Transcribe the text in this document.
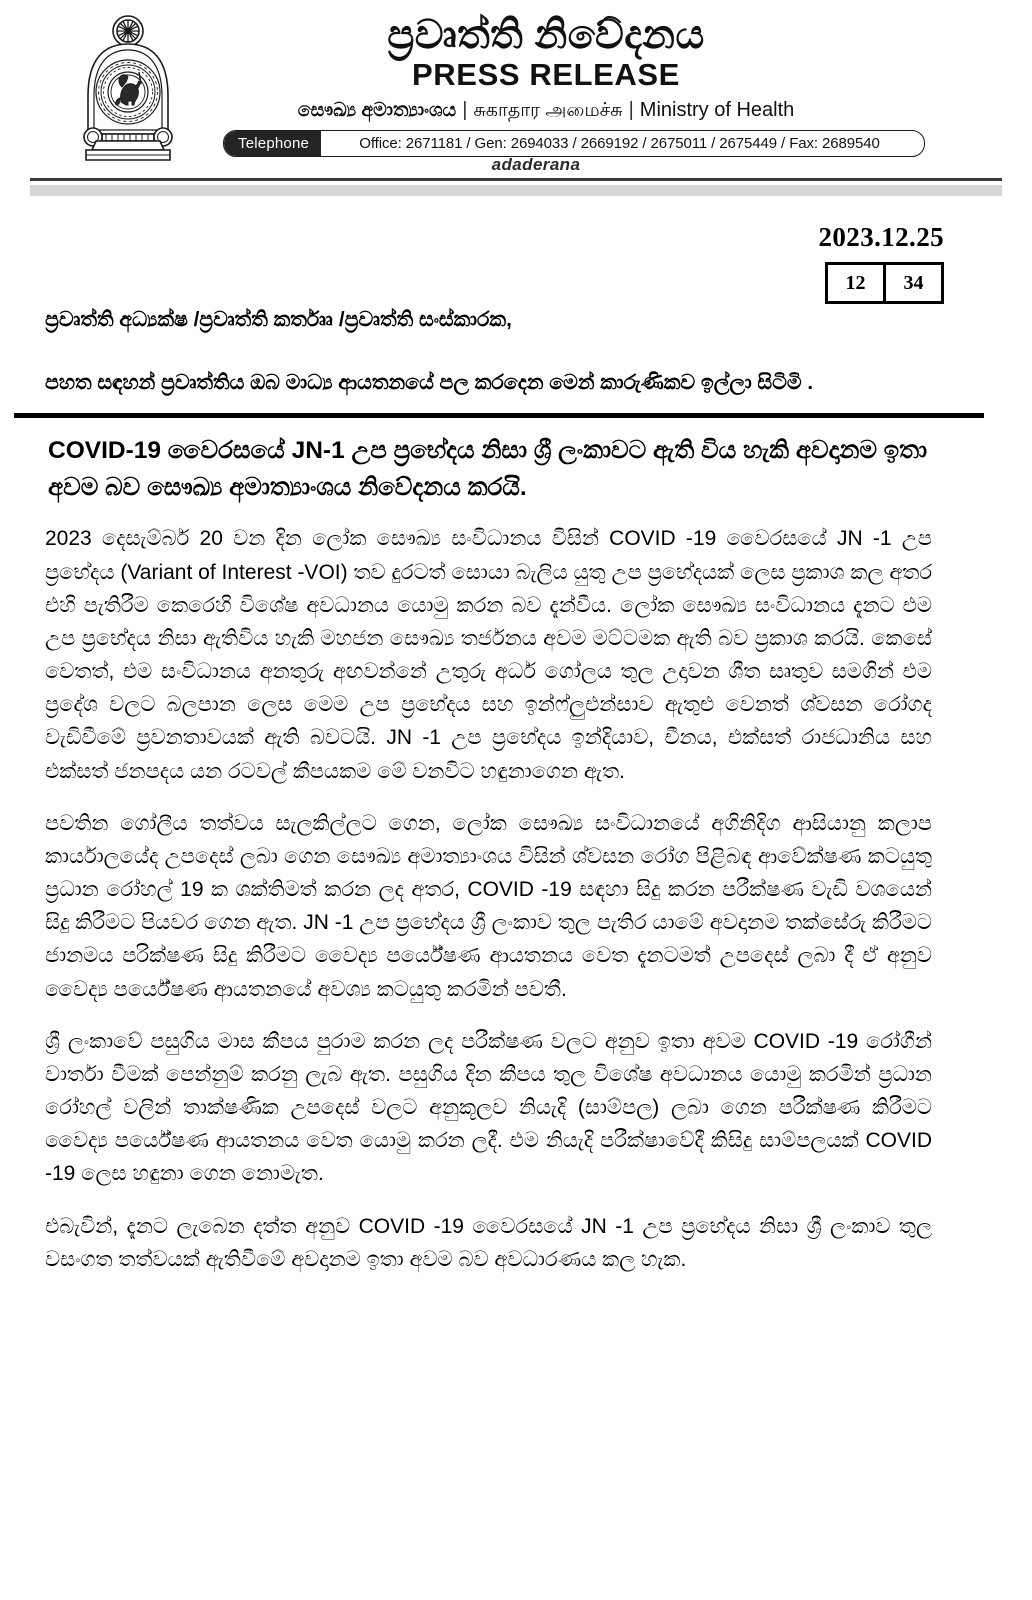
ප්‍රවෘත්ති නිවේදනය
PRESS RELEASE
සෞඛ්‍ය අමාත්‍යාංශය | சுகாதார அமைச்சு | Ministry of Health
Telephone	Office: 2671181 / Gen: 2694033 / 2669192 / 2675011 / 2675449 / Fax: 2689540
adaderana
2023.12.25
12	34
ප්‍රවෘත්ති අධ්‍යක්ෂ /ප්‍රවෘත්ති කර්තෲ /ප්‍රවෘත්ති සංස්කාරක,
පහත සඳහන් ප්‍රවෘත්තිය ඔබ මාධ්‍ය ආයතනයේ පල කරදෙන මෙන් කාරුණිකව ඉල්ලා සිටිමි .
COVID-19 වෛරසයේ JN-1 උප ප්‍රභේදය නිසා ශ්‍රී ලංකාවට ඇති විය හැකි අවදානම ඉතා අවම බව සෞඛ්‍ය අමාත්‍යාංශය නිවේදනය කරයි.

2023 දෙසැම්බර් 20 වන දින ලෝක සෞඛ්‍ය සංවිධානය විසින් COVID -19 වෛරසයේ JN -1 උප ප්‍රභේදය (Variant of Interest -VOI) තව දුරටත් සොයා බැලිය යුතු උප ප්‍රභේදයක් ලෙස ප්‍රකාශ කල අතර එහි පැතිරීම කෙරෙහි විශේෂ අවධානය යොමු කරන බව දැන්වීය. ලෝක සෞඛ්‍ය සංවිධානය දැනට එම උප ප්‍රභේදය නිසා ඇතිවිය හැකි මහජන සෞඛ්‍ය තර්ජනය අවම මට්ටමක ඇති බව ප්‍රකාශ කරයි. කෙසේ වෙතත්, එම සංවිධානය අනතුරු අඟවන්නේ උතුරු අර්ධ ගෝලය තුල උදාවන ශීත සෘතුව සමගින් එම ප්‍රදේශ වලට බලපාන ලෙස මෙම උප ප්‍රභේදය සහ ඉන්ෆ්ලුඑන්සාව ඇතුළු වෙනත් ශ්වසන රෝගද වැඩිවීමේ ප්‍රවනතාවයක් ඇති බවටයි. JN -1 උප ප්‍රභේදය ඉන්දියාව, චීනය, එක්සත් රාජධානිය සහ එක්සත් ජනපදය යන රටවල් කීපයකම මේ වනවිට හඳුනාගෙන ඇත.

පවතින ගෝලීය තත්වය සැලකිල්ලට ගෙන, ලෝක සෞඛ්‍ය සංවිධානයේ අගිනිදිග ආසියානු කලාප කාර්යාලයේද උපදෙස් ලබා ගෙන සෞඛ්‍ය අමාත්‍යාංශය විසින් ශ්වසන රෝග පිළිබඳ ආවේක්ෂණ කටයුතු ප්‍රධාන රෝහල් 19 ක ශක්තිමත් කරන ලද අතර, COVID -19 සඳහා සිදු කරන පරීක්ෂණ වැඩි වශයෙන් සිදු කිරීමට පියවර ගෙන ඇත. JN -1 උප ප්‍රභේදය ශ්‍රී ලංකාව තුල පැතිර යාමේ අවදානම තක්සේරු කිරීමට ජානමය පරික්ෂණ සිදු කිරීමට වෛද්‍ය පර්යේෂණ ආයතනය වෙත දැනටමත් උපදෙස් ලබා දී ඒ අනුව වෛද්‍ය පර්යේෂණ ආයතනයේ අවශ්‍ය කටයුතු කරමින් පවතී.

ශ්‍රී ලංකාවේ පසුගිය මාස කීපය පුරාම කරන ලද පරීක්ෂණ වලට අනුව ඉතා අවම COVID -19 රෝගීන් වාර්තා වීමක් පෙන්නුම් කරනු ලැබ ඇත. පසුගිය දින කීපය තුල විශේෂ අවධානය යොමු කරමින් ප්‍රධාන රෝහල් වලින් තාක්ෂණික උපදෙස් වලට අනුකූලව නියැදි (සාම්පල) ලබා ගෙන පරීක්ෂණ කිරීමට වෛද්‍ය පර්යේෂණ ආයතනය වෙත යොමු කරන ලදී. එම නියැදි පරීක්ෂාවේදී කිසිදු සාම්පලයක් COVID -19 ලෙස හඳුනා ගෙන නොමැත.

එබැවින්, දැනට ලැබෙන දත්ත අනුව COVID -19 වෛරසයේ JN -1 උප ප්‍රභේදය නිසා ශ්‍රී ලංකාව තුල වසංගත තත්වයක් ඇතිවීමේ අවදානම ඉතා අවම බව අවධාරණය කල හැක.
